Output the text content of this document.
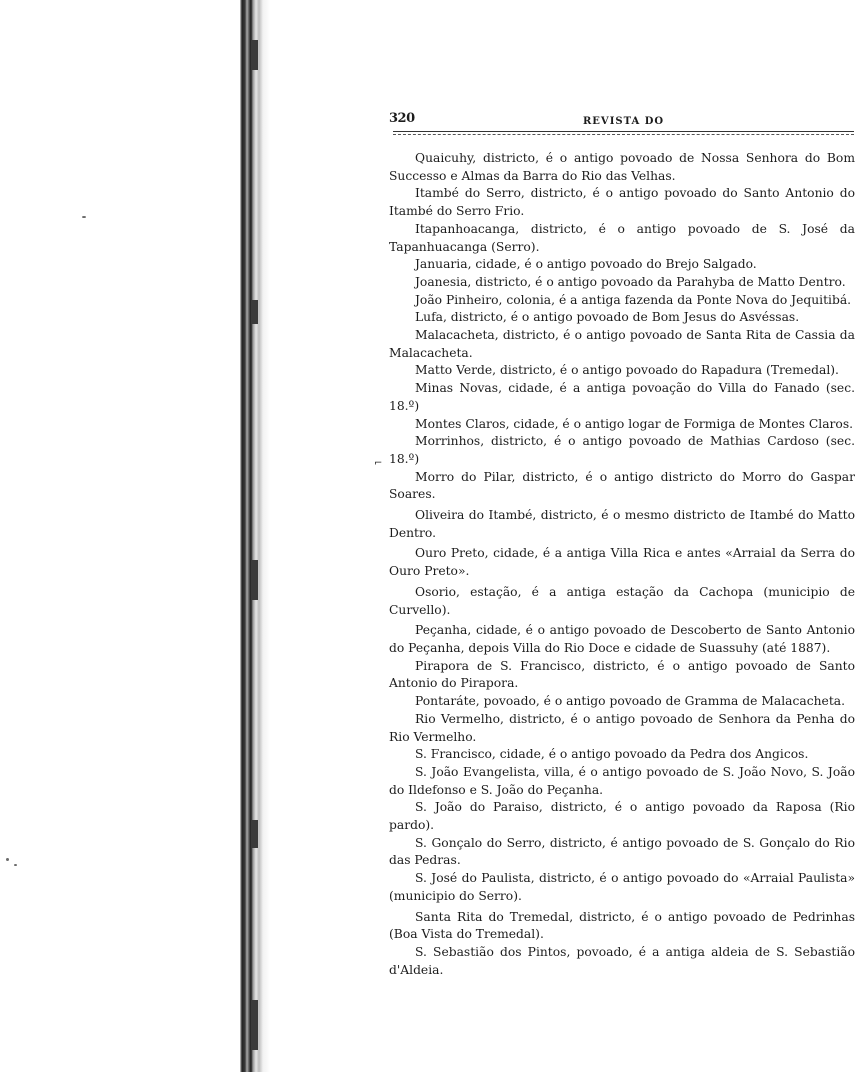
320	REVISTA DO
⌐

Quaicuhy, districto, é o antigo povoado de Nossa Senhora do Bom Successo e Almas da Barra do Rio das Velhas.

Itambé do Serro, districto, é o antigo povoado do Santo Antonio do Itambé do Serro Frio.

Itapanhoacanga, districto, é o antigo povoado de S. José da Tapanhuacanga (Serro).

Januaria, cidade, é o antigo povoado do Brejo Salgado.

Joanesia, districto, é o antigo povoado da Parahyba de Matto Dentro.

João Pinheiro, colonia, é a antiga fazenda da Ponte Nova do Jequitibá.

Lufa, districto, é o antigo povoado de Bom Jesus do Asvéssas.

Malacacheta, districto, é o antigo povoado de Santa Rita de Cassia da Malacacheta.

Matto Verde, districto, é o antigo povoado do Rapadura (Tremedal).

Minas Novas, cidade, é a antiga povoação do Villa do Fanado (sec. 18.º)

Montes Claros, cidade, é o antigo logar de Formiga de Montes Claros.

Morrinhos, districto, é o antigo povoado de Mathias Cardoso (sec. 18.º)

Morro do Pilar, districto, é o antigo districto do Morro do Gaspar Soares.

Oliveira do Itambé, districto, é o mesmo districto de Itambé do Matto Dentro.

Ouro Preto, cidade, é a antiga Villa Rica e antes «Arraial da Serra do Ouro Preto».

Osorio, estação, é a antiga estação da Cachopa (municipio de Curvello).

Peçanha, cidade, é o antigo povoado de Descoberto de Santo Antonio do Peçanha, depois Villa do Rio Doce e cidade de Suassuhy (até 1887).

Pirapora de S. Francisco, districto, é o antigo povoado de Santo Antonio do Pirapora.

Pontaráte, povoado, é o antigo povoado de Gramma de Malacacheta.

Rio Vermelho, districto, é o antigo povoado de Senhora da Penha do Rio Vermelho.

S. Francisco, cidade, é o antigo povoado da Pedra dos Angicos.

S. João Evangelista, villa, é o antigo povoado de S. João Novo, S. João do Ildefonso e S. João do Peçanha.

S. João do Paraiso, districto, é o antigo povoado da Raposa (Rio pardo).

S. Gonçalo do Serro, districto, é antigo povoado de S. Gonçalo do Rio das Pedras.

S. José do Paulista, districto, é o antigo povoado do «Arraial Paulista» (municipio do Serro).

Santa Rita do Tremedal, districto, é o antigo povoado de Pedrinhas (Boa Vista do Tremedal).

S. Sebastião dos Pintos, povoado, é a antiga aldeia de S. Sebastião d'Aldeia.
